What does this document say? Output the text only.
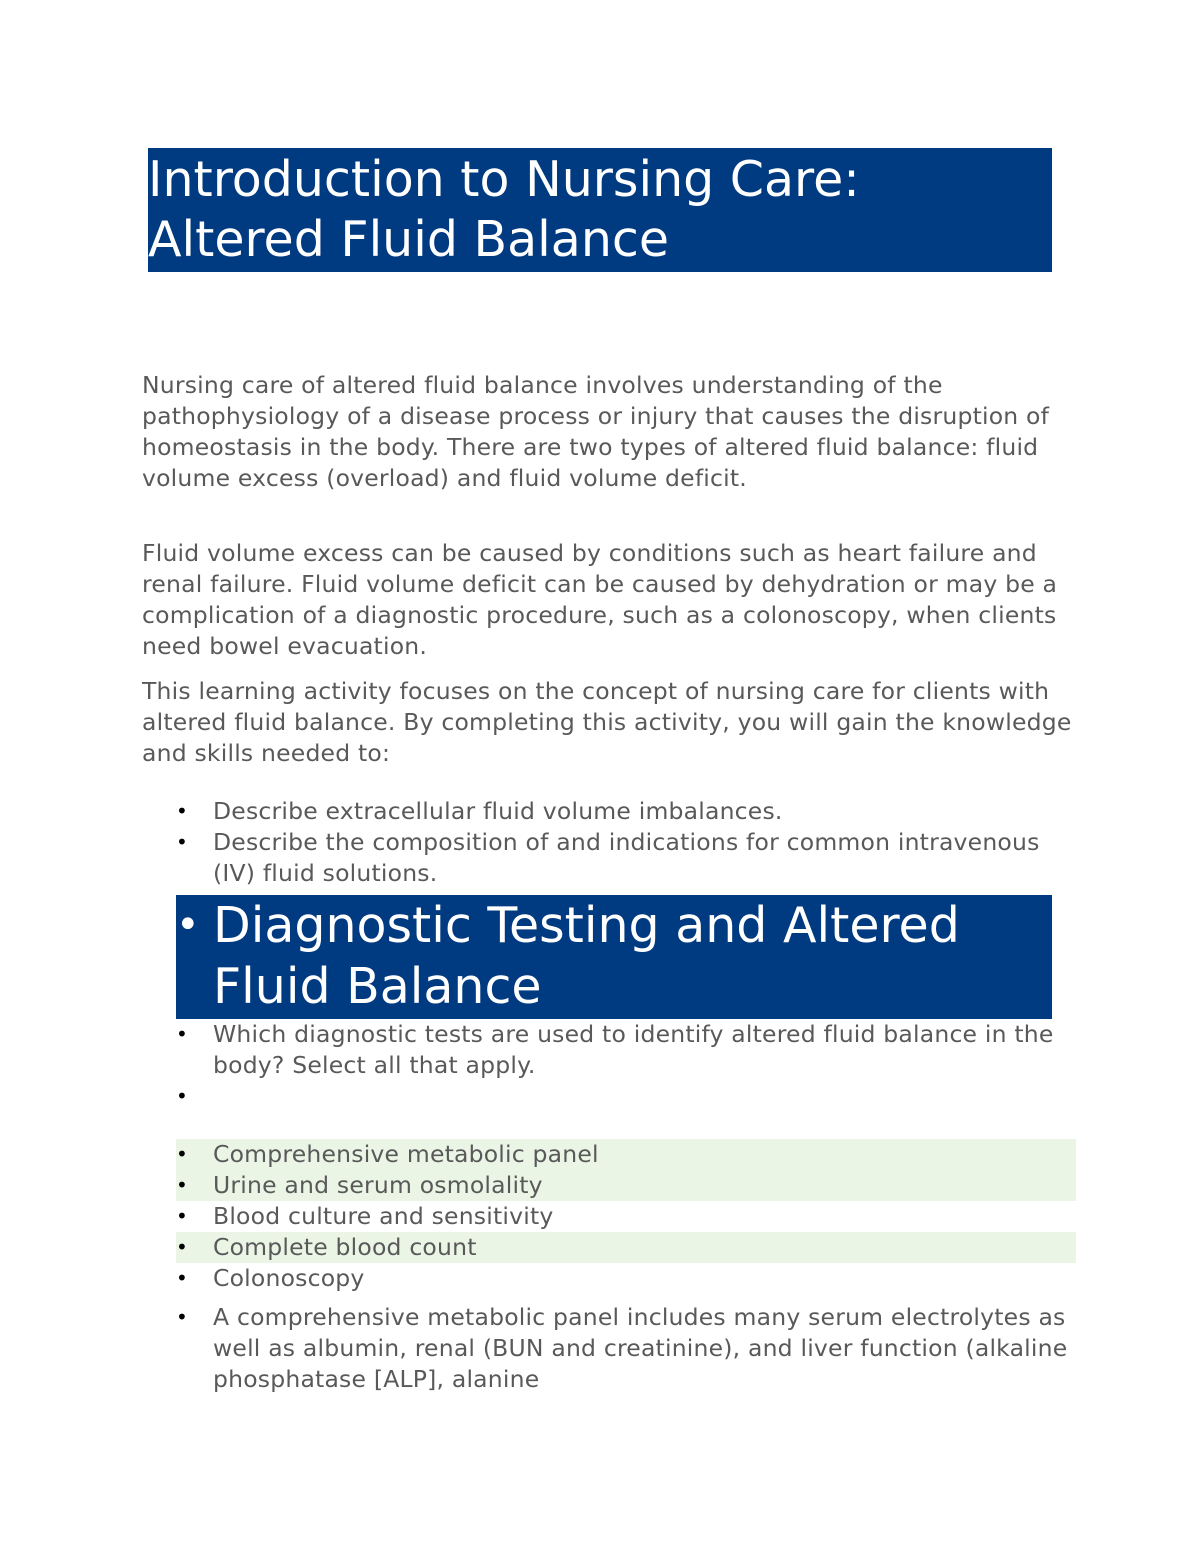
Introduction to Nursing Care:
Altered Fluid Balance

Nursing care of altered fluid balance involves understanding of the pathophysiology of a disease process or injury that causes the disruption of homeostasis in the body. There are two types of altered fluid balance: fluid volume excess (overload) and fluid volume deficit.

Fluid volume excess can be caused by conditions such as heart failure and renal failure. Fluid volume deficit can be caused by dehydration or may be a complication of a diagnostic procedure, such as a colonoscopy, when clients need bowel evacuation.

This learning activity focuses on the concept of nursing care for clients with altered fluid balance. By completing this activity, you will gain the knowledge and skills needed to:

• Describe extracellular fluid volume imbalances.
• Describe the composition of and indications for common intravenous (IV) fluid solutions.
• Diagnostic Testing and Altered
Fluid Balance
• Which diagnostic tests are used to identify altered fluid balance in the body? Select all that apply.
•
• Comprehensive metabolic panel
• Urine and serum osmolality
• Blood culture and sensitivity
• Complete blood count
• Colonoscopy
• A comprehensive metabolic panel includes many serum electrolytes as well as albumin, renal (BUN and creatinine), and liver function (alkaline phosphatase [ALP], alanine
